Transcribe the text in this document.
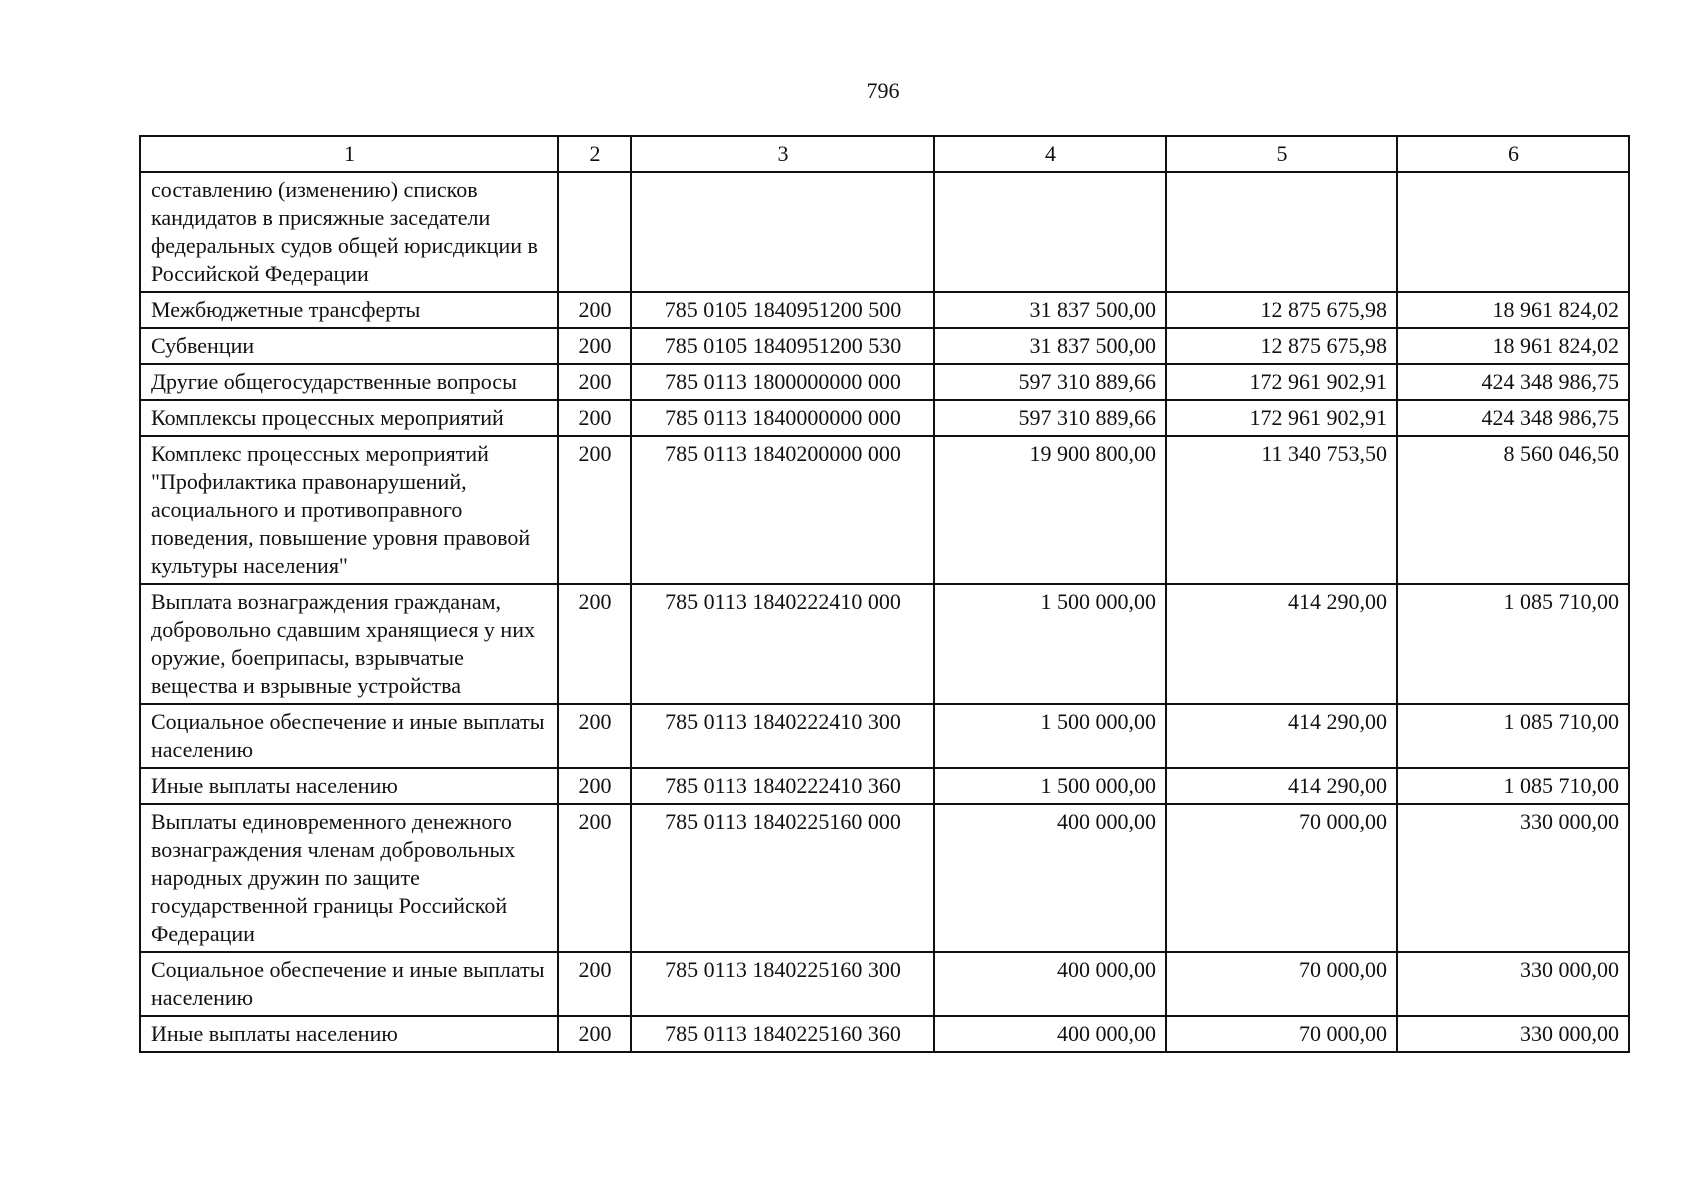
796
1	2	3	4	5	6
составлению (изменению) списков кандидатов в присяжные заседатели федеральных судов общей юрисдикции в Российской Федерации					
Межбюджетные трансферты	200	785 0105 1840951200 500	31 837 500,00	12 875 675,98	18 961 824,02
Субвенции	200	785 0105 1840951200 530	31 837 500,00	12 875 675,98	18 961 824,02
Другие общегосударственные вопросы	200	785 0113 1800000000 000	597 310 889,66	172 961 902,91	424 348 986,75
Комплексы процессных мероприятий	200	785 0113 1840000000 000	597 310 889,66	172 961 902,91	424 348 986,75
Комплекс процессных мероприятий "Профилактика правонарушений, асоциального и противоправного поведения, повышение уровня правовой культуры населения"	200	785 0113 1840200000 000	19 900 800,00	11 340 753,50	8 560 046,50
Выплата вознаграждения гражданам, добровольно сдавшим хранящиеся у них оружие, боеприпасы, взрывчатые вещества и взрывные устройства	200	785 0113 1840222410 000	1 500 000,00	414 290,00	1 085 710,00
Социальное обеспечение и иные выплаты населению	200	785 0113 1840222410 300	1 500 000,00	414 290,00	1 085 710,00
Иные выплаты населению	200	785 0113 1840222410 360	1 500 000,00	414 290,00	1 085 710,00
Выплаты единовременного денежного вознаграждения членам добровольных народных дружин по защите государственной границы Российской Федерации	200	785 0113 1840225160 000	400 000,00	70 000,00	330 000,00
Социальное обеспечение и иные выплаты населению	200	785 0113 1840225160 300	400 000,00	70 000,00	330 000,00
Иные выплаты населению	200	785 0113 1840225160 360	400 000,00	70 000,00	330 000,00
